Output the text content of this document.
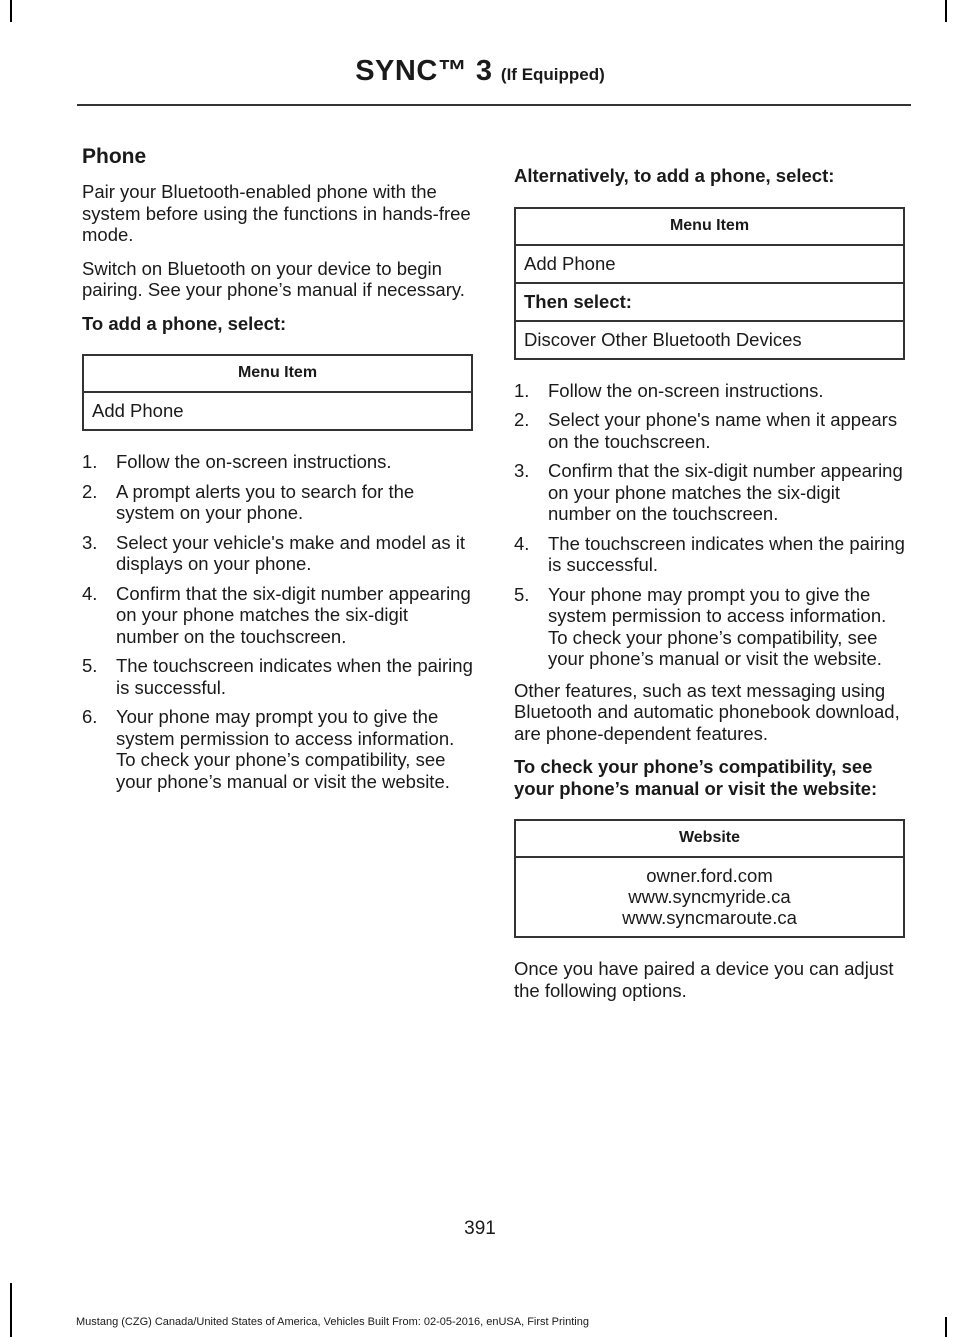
SYNC™ 3 (If Equipped)
Phone

Pair your Bluetooth-enabled phone with the system before using the functions in hands-free mode.

Switch on Bluetooth on your device to begin pairing. See your phone’s manual if necessary.

To add a phone, select:
Menu Item
Add Phone
1. Follow the on-screen instructions.
2. A prompt alerts you to search for the system on your phone.
3. Select your vehicle's make and model as it displays on your phone.
4. Confirm that the six-digit number appearing on your phone matches the six-digit number on the touchscreen.
5. The touchscreen indicates when the pairing is successful.
6. Your phone may prompt you to give the system permission to access information. To check your phone’s compatibility, see your phone’s manual or visit the website.
Alternatively, to add a phone, select:
Menu Item
Add Phone
Then select:
Discover Other Bluetooth Devices
1. Follow the on-screen instructions.
2. Select your phone's name when it appears on the touchscreen.
3. Confirm that the six-digit number appearing on your phone matches the six-digit number on the touchscreen.
4. The touchscreen indicates when the pairing is successful.
5. Your phone may prompt you to give the system permission to access information. To check your phone’s compatibility, see your phone’s manual or visit the website.

Other features, such as text messaging using Bluetooth and automatic phonebook download, are phone-dependent features.

To check your phone’s compatibility, see your phone’s manual or visit the website:
Website

owner.ford.com
www.syncmyride.ca
www.syncmaroute.ca

Once you have paired a device you can adjust the following options.

391
Mustang (CZG) Canada/United States of America, Vehicles Built From: 02-05-2016, enUSA, First Printing
